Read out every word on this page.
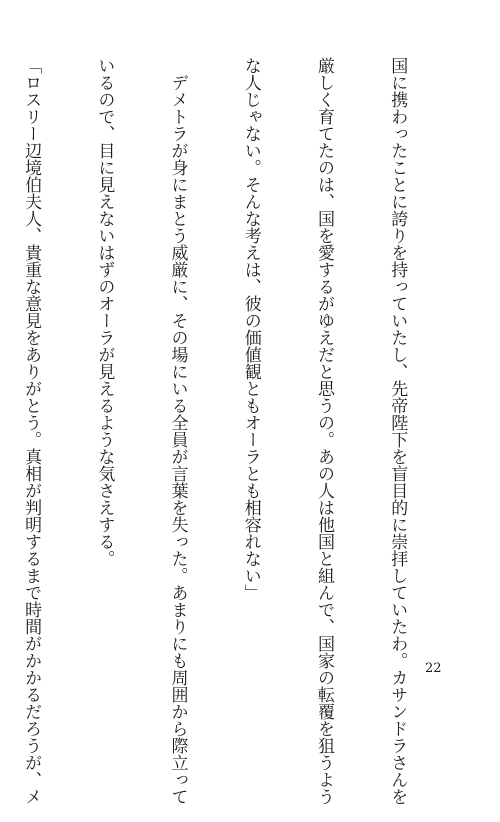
国に携わったことに誇りを持っていたし、先帝陛下を盲目的に崇拝していたわ。カサンドラさんを

厳しく育てたのは、国を愛するがゆえだと思うの。あの人は他国と組んで、国家の転覆を狙うよう

な人じゃない。そんな考えは、彼の価値観ともオーラとも相容れない」

　デメトラが身にまとう威厳に、その場にいる全員が言葉を失った。あまりにも周囲から際立って

いるので、目に見えないはずのオーラが見えるような気さえする。

「ロスリー辺境伯夫人、貴重な意見をありがとう。真相が判明するまで時間がかかるだろうが、メ

	22
